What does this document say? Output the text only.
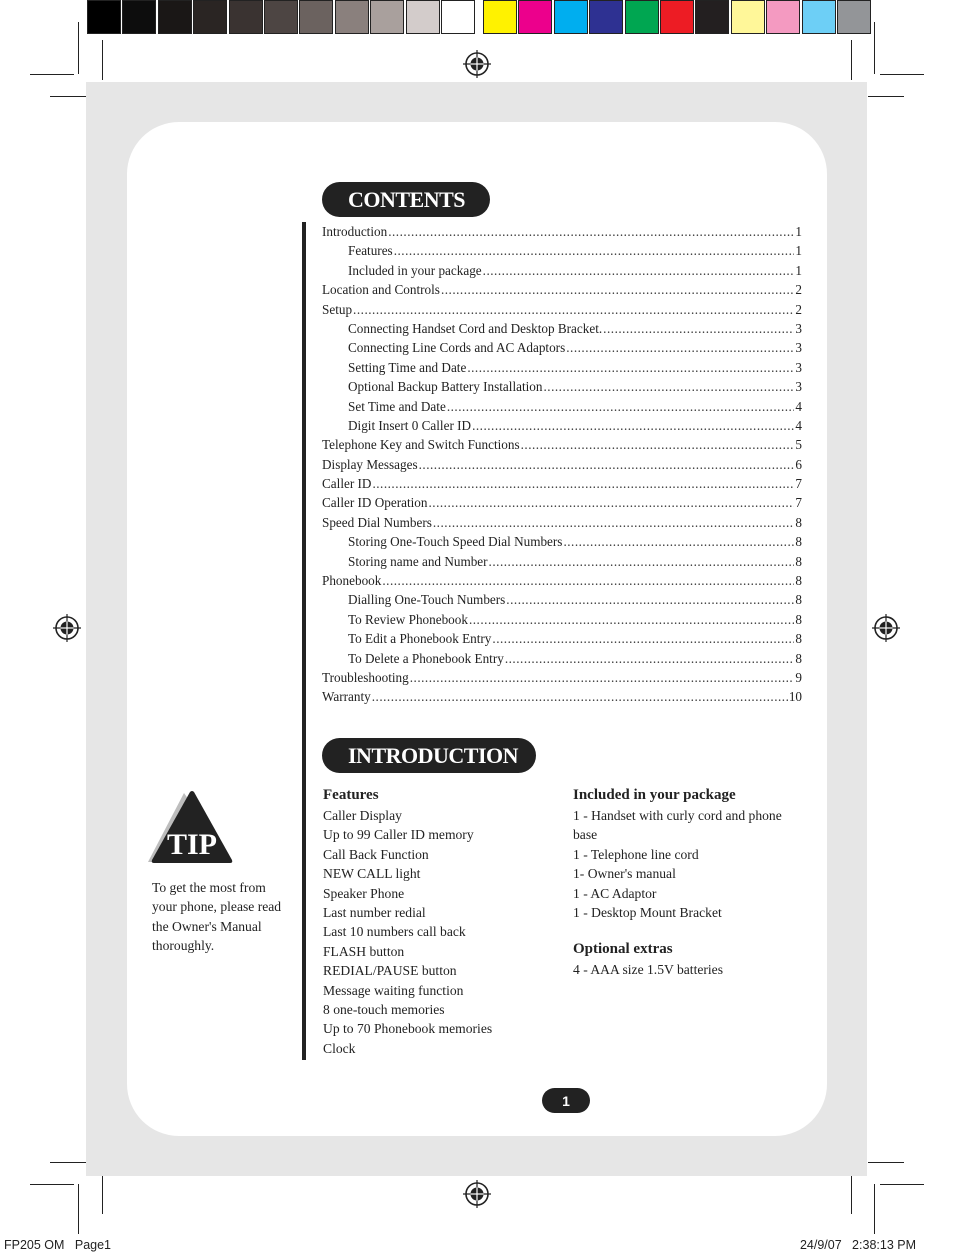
CONTENTS
Introduction .....	1
Features .....	1
Included in your package .....	1
Location and Controls .....	2
Setup .....	2
Connecting Handset Cord and Desktop Bracket. .....	3
Connecting Line Cords and AC Adaptors .....	3
Setting Time and Date .....	3
Optional Backup Battery Installation .....	3
Set Time and Date .....	4
Digit Insert 0 Caller ID .....	4
Telephone Key and Switch Functions .....	5
Display Messages .....	6
Caller ID .....	7
Caller ID Operation .....	7
Speed Dial Numbers .....	8
Storing One-Touch Speed Dial Numbers .....	8
Storing name and Number .....	8
Phonebook .....	8
Dialling One-Touch Numbers .....	8
To Review Phonebook .....	8
To Edit a Phonebook Entry .....	8
To Delete a Phonebook Entry .....	8
Troubleshooting .....	9
Warranty .....	10
INTRODUCTION
Features
Caller Display
Up to 99 Caller ID memory
Call Back Function
NEW CALL light
Speaker Phone
Last number redial
Last 10 numbers call back
FLASH button
REDIAL/PAUSE button
Message waiting function
8 one-touch memories
Up to 70 Phonebook memories
Clock
Included in your package
1 - Handset with curly cord and phone
base
1 - Telephone line cord
1- Owner's manual
1 - AC Adaptor
1 - Desktop Mount Bracket
Optional extras
4 - AAA size 1.5V batteries
TIP
To get the most from
your phone, please read
the Owner's Manual
thoroughly.
1
FP205 OM   Page1	24/9/07   2:38:13 PM
